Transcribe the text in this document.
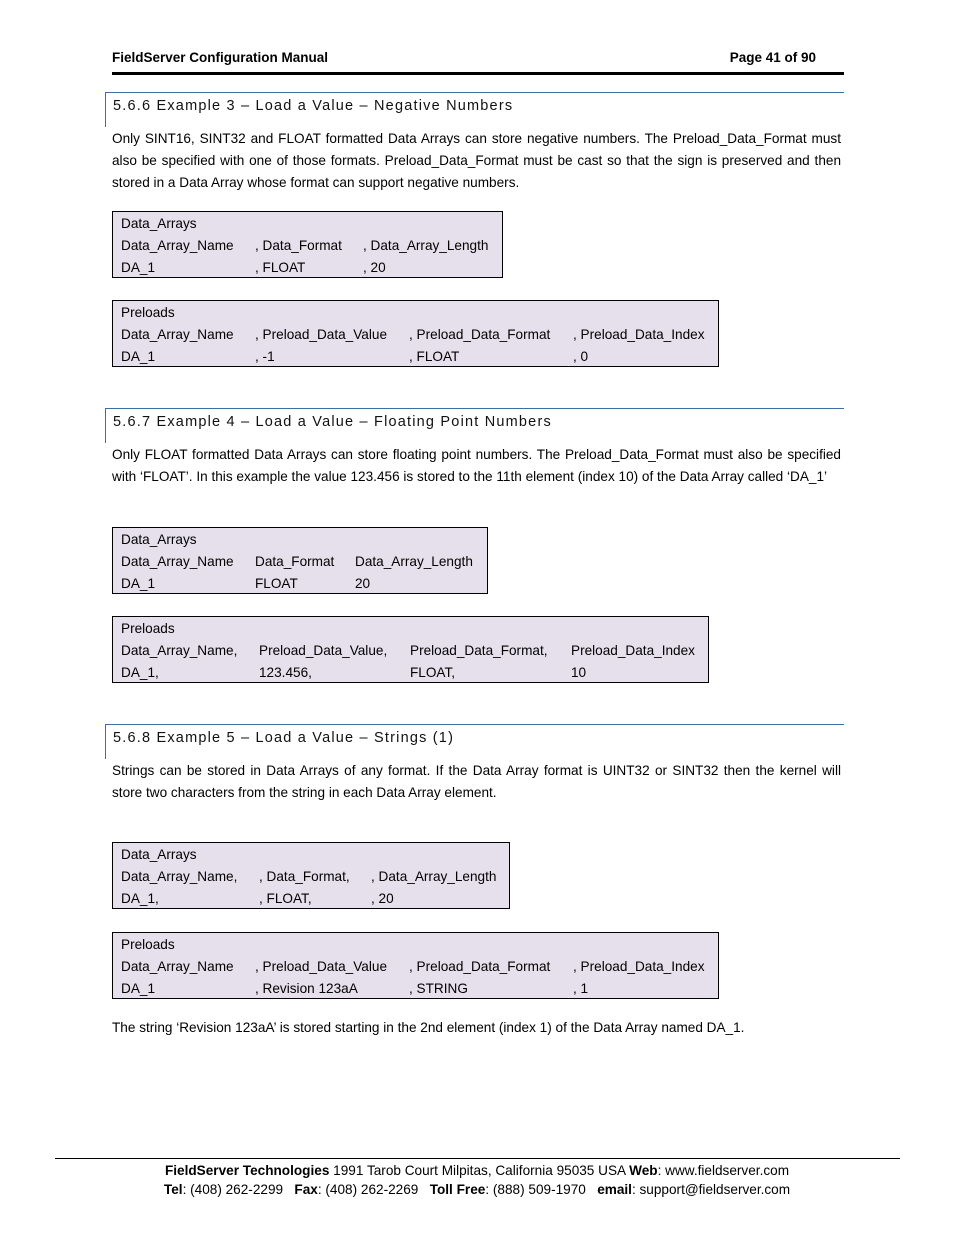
FieldServer Configuration Manual	Page 41 of 90
5.6.6 Example 3 – Load a Value – Negative Numbers

Only SINT16, SINT32 and FLOAT formatted Data Arrays can store negative numbers. The Preload_Data_Format must also be specified with one of those formats. Preload_Data_Format must be cast so that the sign is preserved and then stored in a Data Array whose format can support negative numbers.

Data_Arrays		
Data_Array_Name	, Data_Format	, Data_Array_Length
DA_1	, FLOAT	, 20
Preloads			
Data_Array_Name	, Preload_Data_Value	, Preload_Data_Format	, Preload_Data_Index
DA_1	, -1	, FLOAT	, 0
5.6.7 Example 4 – Load a Value – Floating Point Numbers

Only FLOAT formatted Data Arrays can store floating point numbers. The Preload_Data_Format must also be specified with ‘FLOAT’. In this example the value 123.456 is stored to the 11th element (index 10) of the Data Array called ‘DA_1’

Data_Arrays		
Data_Array_Name	Data_Format	Data_Array_Length
DA_1	FLOAT	20
Preloads			
Data_Array_Name,	Preload_Data_Value,	Preload_Data_Format,	Preload_Data_Index
DA_1,	123.456,	FLOAT,	10
5.6.8 Example 5 – Load a Value – Strings (1)

Strings can be stored in Data Arrays of any format. If the Data Array format is UINT32 or SINT32 then the kernel will store two characters from the string in each Data Array element.

Data_Arrays		
Data_Array_Name,	, Data_Format,	, Data_Array_Length
DA_1,	, FLOAT,	, 20
Preloads			
Data_Array_Name	, Preload_Data_Value	, Preload_Data_Format	, Preload_Data_Index
DA_1	, Revision 123aA	, STRING	, 1
The string ‘Revision 123aA’ is stored starting in the 2nd element (index 1) of the Data Array named DA_1.
FieldServer Technologies 1991 Tarob Court Milpitas, California 95035 USA Web: www.fieldserver.com
Tel: (408) 262-2299   Fax: (408) 262-2269   Toll Free: (888) 509-1970   email: support@fieldserver.com
